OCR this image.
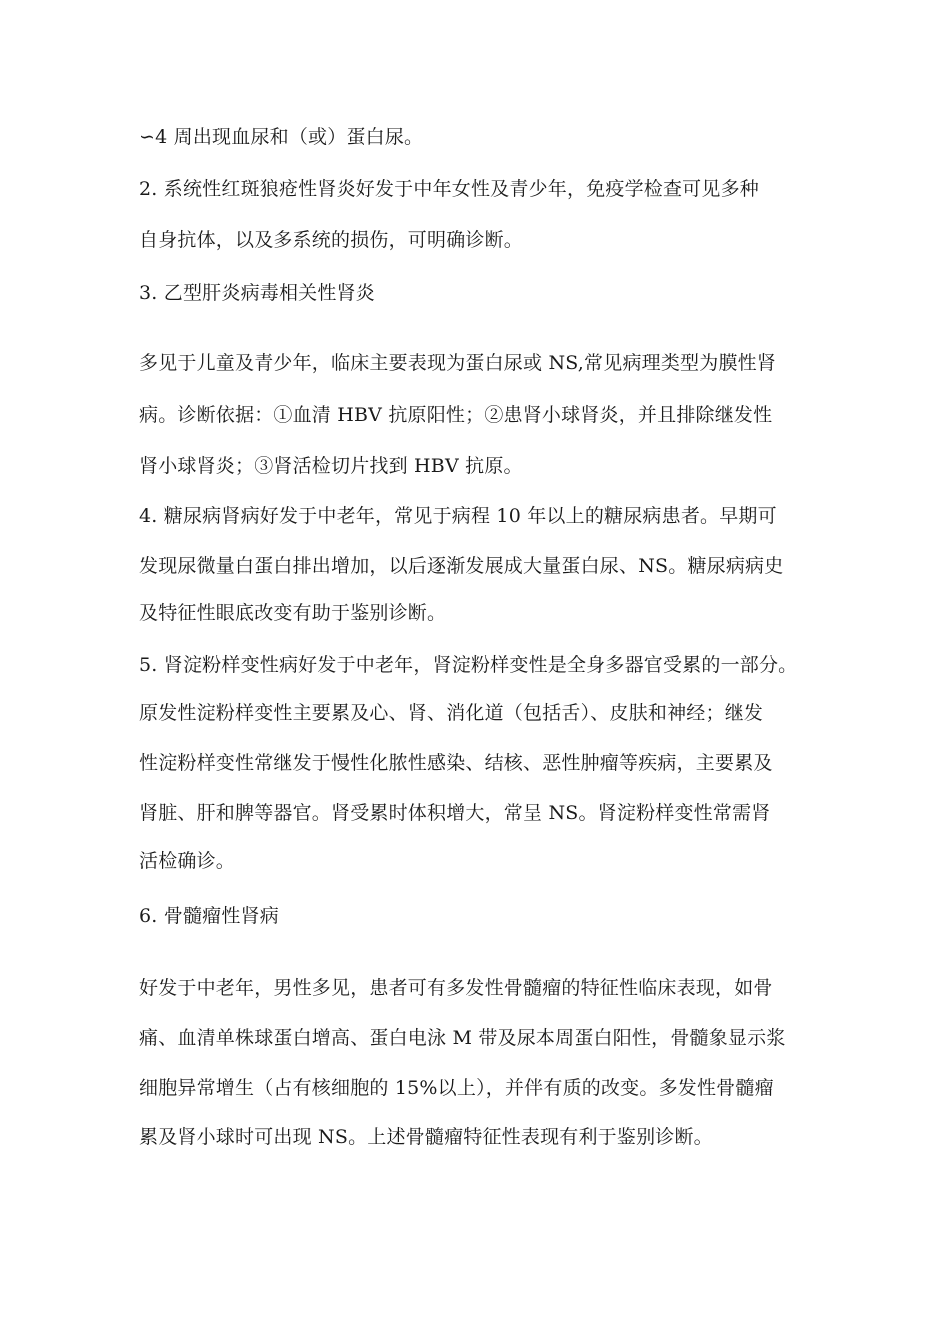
∽4 周出现血尿和（或）蛋白尿。
2. 系统性红斑狼疮性肾炎好发于中年女性及青少年，免疫学检查可见多种
自身抗体，以及多系统的损伤，可明确诊断。
3. 乙型肝炎病毒相关性肾炎
多见于儿童及青少年，临床主要表现为蛋白尿或 NS,常见病理类型为膜性肾
病。诊断依据：①血清 HBV 抗原阳性；②患肾小球肾炎，并且排除继发性
肾小球肾炎；③肾活检切片找到 HBV 抗原。
4. 糖尿病肾病好发于中老年，常见于病程 10 年以上的糖尿病患者。早期可
发现尿微量白蛋白排出增加，以后逐渐发展成大量蛋白尿、NS。糖尿病病史
及特征性眼底改变有助于鉴别诊断。
5. 肾淀粉样变性病好发于中老年，肾淀粉样变性是全身多器官受累的一部分。
原发性淀粉样变性主要累及心、肾、消化道（包括舌）、皮肤和神经；继发
性淀粉样变性常继发于慢性化脓性感染、结核、恶性肿瘤等疾病，主要累及
肾脏、肝和脾等器官。肾受累时体积增大，常呈 NS。肾淀粉样变性常需肾
活检确诊。
6. 骨髓瘤性肾病
好发于中老年，男性多见，患者可有多发性骨髓瘤的特征性临床表现，如骨
痛、血清单株球蛋白增高、蛋白电泳 M 带及尿本周蛋白阳性，骨髓象显示浆
细胞异常增生（占有核细胞的 15%以上），并伴有质的改变。多发性骨髓瘤
累及肾小球时可出现 NS。上述骨髓瘤特征性表现有利于鉴别诊断。
